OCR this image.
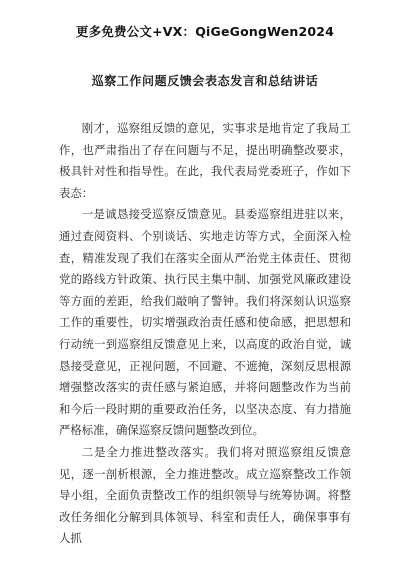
更多免费公文+VX：QiGeGongWen2024
巡察工作问题反馈会表态发言和总结讲话

刚才，巡察组反馈的意见，实事求是地肯定了我局工作，也严肃指出了存在问题与不足，提出明确整改要求，极具针对性和指导性。在此，我代表局党委班子，作如下表态：

一是诚恳接受巡察反馈意见。县委巡察组进驻以来，通过查阅资料、个别谈话、实地走访等方式，全面深入检查，精准发现了我们在落实全面从严治党主体责任、贯彻党的路线方针政策、执行民主集中制、加强党风廉政建设等方面的差距，给我们敲响了警钟。我们将深刻认识巡察工作的重要性，切实增强政治责任感和使命感，把思想和行动统一到巡察组反馈意见上来，以高度的政治自觉，诚恳接受意见，正视问题，不回避、不遮掩，深刻反思根源增强整改落实的责任感与紧迫感，并将问题整改作为当前和今后一段时期的重要政治任务，以坚决态度、有力措施严格标准，确保巡察反馈问题整改到位。

二是全力推进整改落实。我们将对照巡察组反馈意见，逐一剖析根源，全力推进整改。成立巡察整改工作领导小组，全面负责整改工作的组织领导与统筹协调。将整改任务细化分解到具体领导、科室和责任人，确保事事有人抓
